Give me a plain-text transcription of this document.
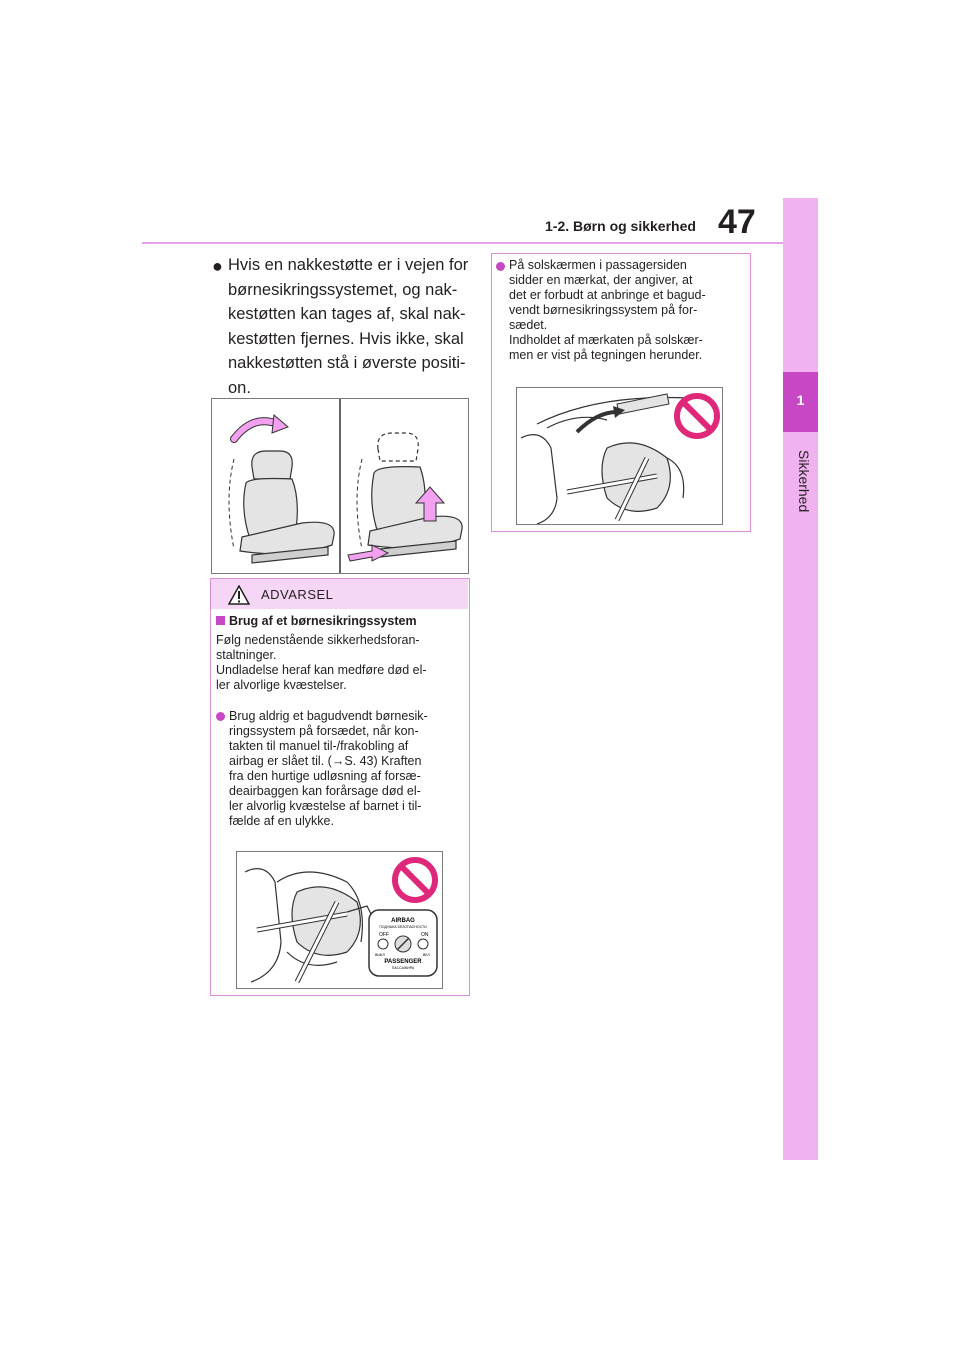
1
Sikkerhed
1-2. Børn og sikkerhed 47
● Hvis en nakkestøtte er i vejen for
børnesikringssystemet, og nak-
kestøtten kan tages af, skal nak-
kestøtten fjernes. Hvis ikke, skal
nakkestøtten stå i øverste positi-
on.
ADVARSEL
Brug af et børnesikringssystem
Følg nedenstående sikkerhedsforan-
staltninger.
Undladelse heraf kan medføre død el-
ler alvorlige kvæstelser.
Brug aldrig et bagudvendt børnesik-
ringssystem på forsædet, når kon-
takten til manuel til-/frakobling af
airbag er slået til. (→S. 43) Kraften
fra den hurtige udløsning af forsæ-
deairbaggen kan forårsage død el-
ler alvorlig kvæstelse af barnet i til-
fælde af en ulykke.
AIRBAG
ПОДУШКА БЕЗОПАСНОСТИ
OFF	ON
ВЫКЛ	ВКЛ
PASSENGER
ПАССАЖИРА
På solskærmen i passagersiden
sidder en mærkat, der angiver, at
det er forbudt at anbringe et bagud-
vendt børnesikringssystem på for-
sædet.
Indholdet af mærkaten på solskær-
men er vist på tegningen herunder.
